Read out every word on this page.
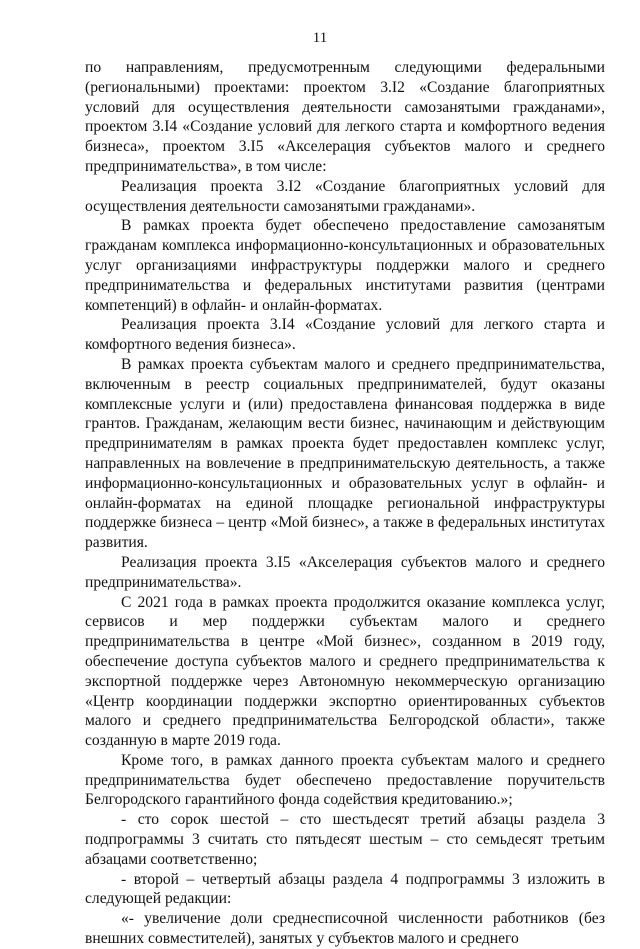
11

по направлениям, предусмотренным следующими федеральными (региональными) проектами: проектом 3.I2 «Создание благоприятных условий для осуществления деятельности самозанятыми гражданами», проектом 3.I4 «Создание условий для легкого старта и комфортного ведения бизнеса», проектом 3.I5 «Акселерация субъектов малого и среднего предпринимательства», в том числе:

Реализация проекта 3.I2 «Создание благоприятных условий для осуществления деятельности самозанятыми гражданами».

В рамках проекта будет обеспечено предоставление самозанятым гражданам комплекса информационно-консультационных и образовательных услуг организациями инфраструктуры поддержки малого и среднего предпринимательства и федеральных институтами развития (центрами компетенций) в офлайн- и онлайн-форматах.

Реализация проекта 3.I4 «Создание условий для легкого старта и комфортного ведения бизнеса».

В рамках проекта субъектам малого и среднего предпринимательства, включенным в реестр социальных предпринимателей, будут оказаны комплексные услуги и (или) предоставлена финансовая поддержка в виде грантов. Гражданам, желающим вести бизнес, начинающим и действующим предпринимателям в рамках проекта будет предоставлен комплекс услуг, направленных на вовлечение в предпринимательскую деятельность, а также информационно-консультационных и образовательных услуг в офлайн- и онлайн-форматах на единой площадке региональной инфраструктуры поддержке бизнеса – центр «Мой бизнес», а также в федеральных институтах развития.

Реализация проекта 3.I5 «Акселерация субъектов малого и среднего предпринимательства».

С 2021 года в рамках проекта продолжится оказание комплекса услуг, сервисов и мер поддержки субъектам малого и среднего предпринимательства в центре «Мой бизнес», созданном в 2019 году, обеспечение доступа субъектов малого и среднего предпринимательства к экспортной поддержке через Автономную некоммерческую организацию «Центр координации поддержки экспортно ориентированных субъектов малого и среднего предпринимательства Белгородской области», также созданную в марте 2019 года.

Кроме того, в рамках данного проекта субъектам малого и среднего предпринимательства будет обеспечено предоставление поручительств Белгородского гарантийного фонда содействия кредитованию.»;

- сто сорок шестой – сто шестьдесят третий абзацы раздела 3 подпрограммы 3 считать сто пятьдесят шестым – сто семьдесят третьим абзацами соответственно;

- второй – четвертый абзацы раздела 4 подпрограммы 3 изложить в следующей редакции:

«- увеличение доли среднесписочной численности работников (без внешних совместителей), занятых у субъектов малого и среднего
